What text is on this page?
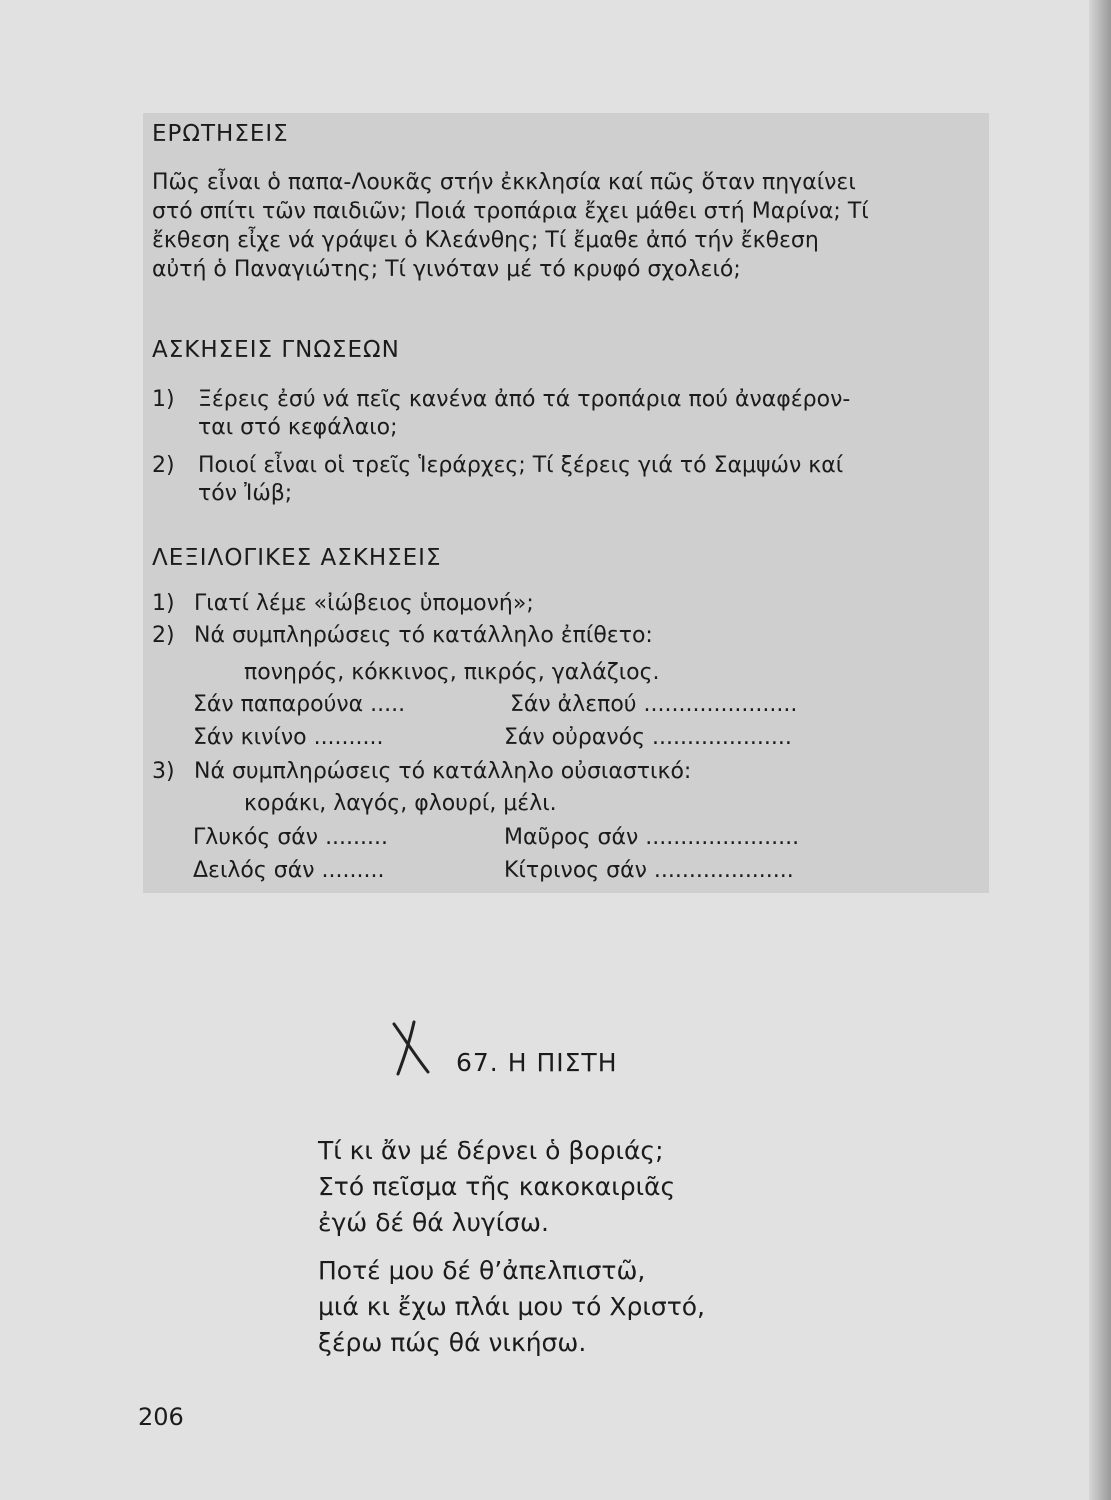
ΕΡΩΤΗΣΕΙΣ
Πῶς εἶναι ὁ παπα-Λουκᾶς στήν ἐκκλησία καί πῶς ὅταν πηγαίνει
στό σπίτι τῶν παιδιῶν; Ποιά τροπάρια ἔχει μάθει στή Μαρίνα; Τί
ἔκθεση εἶχε νά γράψει ὁ Κλεάνθης; Τί ἔμαθε ἀπό τήν ἔκθεση
αὐτή ὁ Παναγιώτης; Τί γινόταν μέ τό κρυφό σχολειό;
ΑΣΚΗΣΕΙΣ ΓΝΩΣΕΩΝ
1) Ξέρεις ἐσύ νά πεῖς κανένα ἀπό τά τροπάρια πού ἀναφέρον-
ται στό κεφάλαιο;
2) Ποιοί εἶναι οἱ τρεῖς Ἱεράρχες; Τί ξέρεις γιά τό Σαμψών καί
τόν Ἰώβ;
ΛΕΞΙΛΟΓΙΚΕΣ ΑΣΚΗΣΕΙΣ
1) Γιατί λέμε «ἰώβειος ὑπομονή»;
2) Νά συμπληρώσεις τό κατάλληλο ἐπίθετο:
πονηρός, κόκκινος, πικρός, γαλάζιος.
Σάν παπαρούνα .....	Σάν ἀλεπού ......................
Σάν κινίνο ..........	Σάν οὐρανός ....................
3) Νά συμπληρώσεις τό κατάλληλο οὐσιαστικό:
κοράκι, λαγός, φλουρί, μέλι.
Γλυκός σάν .........	Μαῦρος σάν ......................
Δειλός σάν .........	Κίτρινος σάν ....................
67. Η ΠΙΣΤΗ
Τί κι ἄν μέ δέρνει ὁ βοριάς;
Στό πεῖσμα τῆς κακοκαιριᾶς
ἐγώ δέ θά λυγίσω.
Ποτέ μου δέ θ’ἀπελπιστῶ,
μιά κι ἔχω πλάι μου τό Χριστό,
ξέρω πώς θά νικήσω.
206
